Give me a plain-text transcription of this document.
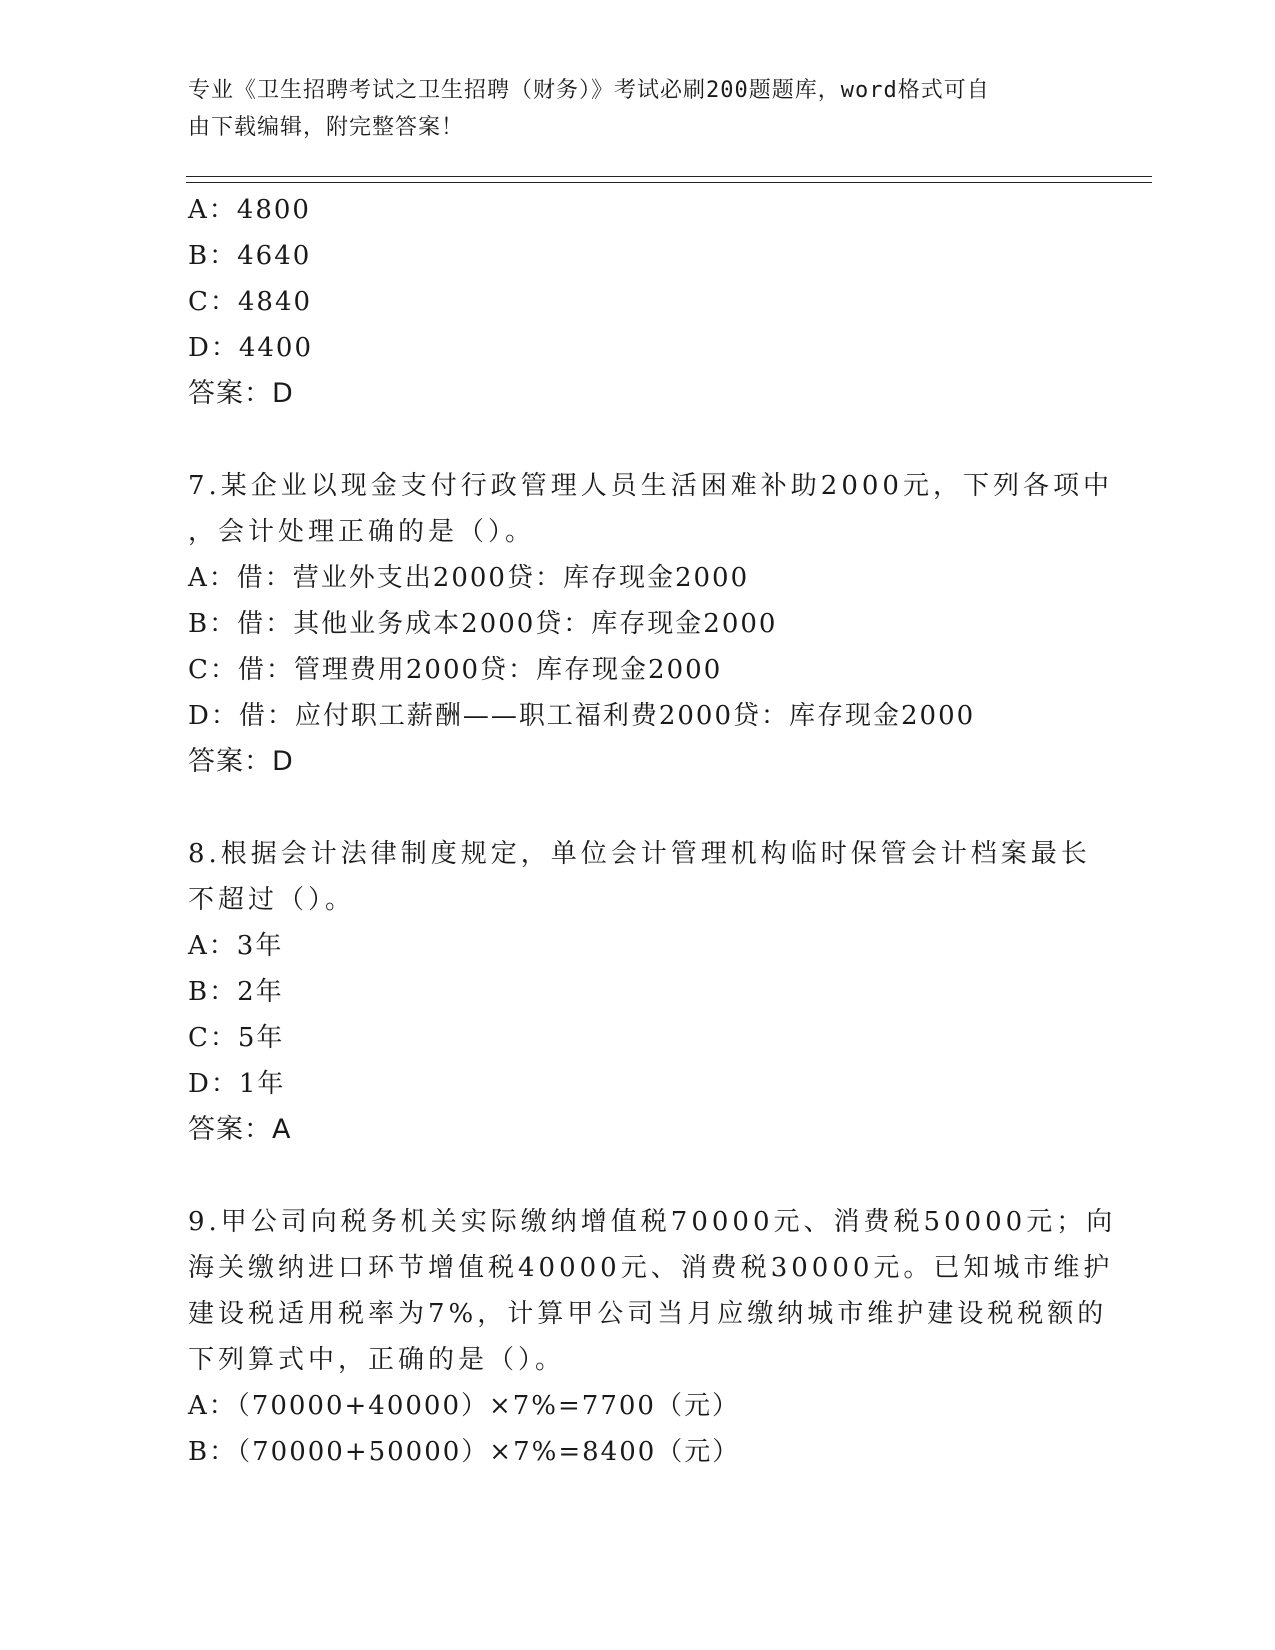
专业《卫生招聘考试之卫生招聘（财务）》考试必刷200题题库，word格式可自
由下载编辑，附完整答案！
A：4800
B：4640
C：4840
D：4400
答案：D
7.某企业以现金支付行政管理人员生活困难补助2000元，下列各项中
，会计处理正确的是（）。
A：借：营业外支出2000贷：库存现金2000
B：借：其他业务成本2000贷：库存现金2000
C：借：管理费用2000贷：库存现金2000
D：借：应付职工薪酬——职工福利费2000贷：库存现金2000
答案：D
8.根据会计法律制度规定，单位会计管理机构临时保管会计档案最长
不超过（）。
A：3年
B：2年
C：5年
D：1年
答案：A
9.甲公司向税务机关实际缴纳增值税70000元、消费税50000元；向
海关缴纳进口环节增值税40000元、消费税30000元。已知城市维护
建设税适用税率为7%，计算甲公司当月应缴纳城市维护建设税税额的
下列算式中，正确的是（）。
A：（70000+40000）×7%=7700（元）
B：（70000+50000）×7%=8400（元）
